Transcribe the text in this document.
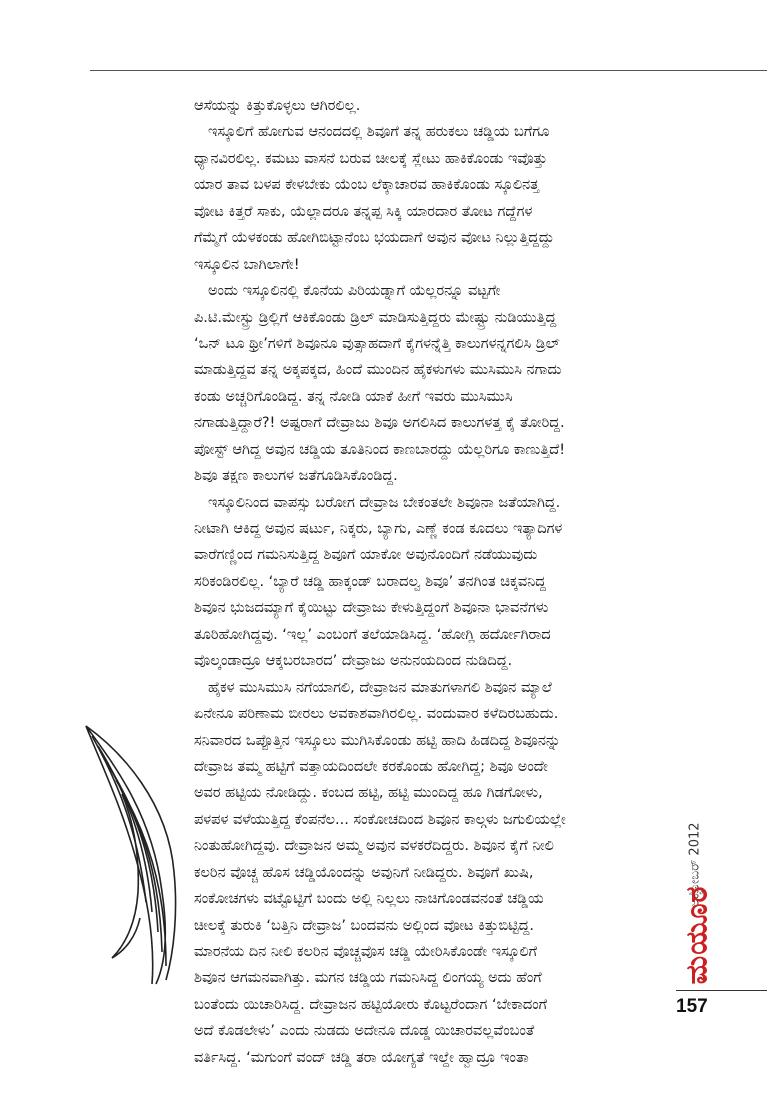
ಆಸೆಯನ್ನು ಕಿತ್ತುಕೊಳ್ಳಲು ಆಗಿರಲಿಲ್ಲ.
ಇಸ್ಕೂಲಿಗೆ ಹೋಗುವ ಆನಂದದಲ್ಲಿ ಶಿವೂಗೆ ತನ್ನ ಹರುಕಲು ಚಡ್ಡಿಯ ಬಗೆಗೂ
ಧ್ಯಾನವಿರಲಿಲ್ಲ. ಕಮಟು ವಾಸನೆ ಬರುವ ಚೀಲಕ್ಕೆ ಸ್ಲೇಟು ಹಾಕಿಕೊಂಡು ಇವೊತ್ತು
ಯಾರ ತಾವ ಬಳಪ ಕೇಳಬೇಕು ಯೆಂಬ ಲೆಕ್ಕಾಚಾರವ ಹಾಕಿಕೊಂಡು ಸ್ಕೂಲಿನತ್ತ
ವೋಟ ಕಿತ್ತರೆ ಸಾಕು, ಯೆಲ್ಲಾದರೂ ತನ್ನಪ್ಪ ಸಿಕ್ಕಿ ಯಾರದಾರ ತೋಟ ಗದ್ದೆಗಳ
ಗೆಮ್ಮೆಗೆ ಯೆಳಕಂಡು ಹೋಗಿಬಿಟ್ಟಾನೆಂಬ ಭಯದಾಗೆ ಅವುನ ವೋಟ ನಿಲ್ಲುತ್ತಿದ್ದದ್ದು
ಇಸ್ಕೂಲಿನ ಬಾಗಿಲಾಗೇ!
ಅಂದು ಇಸ್ಕೂಲಿನಲ್ಲಿ ಕೊನೆಯ ಪಿರಿಯಡ್ನಾಗೆ ಯೆಲ್ಲರನ್ನೂ ವಟ್ಟಗೇ
ಪಿ.ಟಿ.ಮೇಸ್ಟ್ರು ಡ್ರಿಲ್ಲಿಗೆ ಆಕಿಕೊಂಡು ಡ್ರಿಲ್ ಮಾಡಿಸುತ್ತಿದ್ದರು ಮೇಷ್ಟ್ರು ನುಡಿಯುತ್ತಿದ್ದ
‘ಒನ್ ಟೂ ಥ್ರೀ’ಗಳಿಗೆ ಶಿವೂನೂ ವುತ್ಸಾಹದಾಗೆ ಕೈಗಳನ್ನೆತ್ತಿ ಕಾಲುಗಳನ್ನಗಲಿಸಿ ಡ್ರಿಲ್
ಮಾಡುತ್ತಿದ್ದವ ತನ್ನ ಅಕ್ಕಪಕ್ಕದ, ಹಿಂದೆ ಮುಂದಿನ ಹೈಕಳುಗಳು ಮುಸಿಮುಸಿ ನಗಾದು
ಕಂಡು ಅಚ್ಚರಿಗೊಂಡಿದ್ದ. ತನ್ನ ನೋಡಿ ಯಾಕೆ ಹೀಗೆ ಇವರು ಮುಸಿಮುಸಿ
ನಗಾಡುತ್ತಿದ್ದಾರೆ?! ಅಷ್ಟರಾಗೆ ದೇವ್ರಾಜು ಶಿವೂ ಅಗಲಿಸಿದ ಕಾಲುಗಳತ್ತ ಕೈ ತೋರಿದ್ದ.
ಪೋಸ್ಟ್ ಆಗಿದ್ದ ಅವುನ ಚಡ್ಡಿಯ ತೂತಿನಿಂದ ಕಾಣಬಾರದ್ದು ಯೆಲ್ಲರಿಗೂ ಕಾಣುತ್ತಿದೆ!
ಶಿವೂ ತಕ್ಷಣ ಕಾಲುಗಳ ಜತೆಗೂಡಿಸಿಕೊಂಡಿದ್ದ.
ಇಸ್ಕೂಲಿನಿಂದ ವಾಪಸ್ಸು ಬರೋಗ ದೇವ್ರಾಜ ಬೇಕಂತಲೇ ಶಿವೂನಾ ಜತೆಯಾಗಿದ್ದ.
ನೀಟಾಗಿ ಆಕಿದ್ದ ಅವುನ ಷರ್ಟು, ನಿಕ್ಕರು, ಬ್ಯಾಗು, ಎಣ್ಣೆ ಕಂಡ ಕೂದಲು ಇತ್ಯಾದಿಗಳ
ವಾರೆಗಣ್ಣಿಂದ ಗಮನಿಸುತ್ತಿದ್ದ ಶಿವೂಗೆ ಯಾಕೋ ಅವುನೊಂದಿಗೆ ನಡೆಯುವುದು
ಸರಿಕಂಡಿರಲಿಲ್ಲ. ‘ಬ್ಯಾರೆ ಚಡ್ಡಿ ಹಾಕ್ಕಂಡ್ ಬರಾದಲ್ವ ಶಿವೂ’ ತನಗಿಂತ ಚಿಕ್ಕವನಿದ್ದ
ಶಿವೂನ ಭುಜದಮ್ಯಾಗೆ ಕೈಯಿಟ್ಟು ದೇವ್ರಾಜು ಕೇಳುತ್ತಿದ್ದಂಗೆ ಶಿವೂನಾ ಭಾವನೆಗಳು
ತೂರಿಹೋಗಿದ್ದವು. ‘ಇಲ್ಲ’ ಎಂಬಂಗೆ ತಲೆಯಾಡಿಸಿದ್ದ. ‘ಹೋಗ್ಲಿ ಹರ್ದೋಗಿರಾದ
ವೊಲ್ಕಂಡಾದ್ರೂ ಆಕ್ಕಬರಬಾರದ’ ದೇವ್ರಾಜು ಅನುನಯದಿಂದ ನುಡಿದಿದ್ದ.
ಹೈಕಳ ಮುಸಿಮುಸಿ ನಗೆಯಾಗಲಿ, ದೇವ್ರಾಜನ ಮಾತುಗಳಾಗಲಿ ಶಿವೂನ ಮ್ಯಾಲೆ
ಏನೇನೂ ಪರಿಣಾಮ ಬೀರಲು ಅವಕಾಶವಾಗಿರಲಿಲ್ಲ. ವಂದುವಾರ ಕಳೆದಿರಬಹುದು.
ಸನಿವಾರದ ಒಪ್ಪೊತ್ತಿನ ಇಸ್ಕೂಲು ಮುಗಿಸಿಕೊಂಡು ಹಟ್ಟಿ ಹಾದಿ ಹಿಡದಿದ್ದ ಶಿವೂನನ್ನು
ದೇವ್ರಾಜ ತಮ್ಮ ಹಟ್ಟಿಗೆ ವತ್ತಾಯದಿಂದಲೇ ಕರಕೊಂಡು ಹೋಗಿದ್ದ; ಶಿವೂ ಅಂದೇ
ಅವರ ಹಟ್ಟಿಯ ನೋಡಿದ್ದು. ಕಂಬದ ಹಟ್ಟಿ, ಹಟ್ಟಿ ಮುಂದಿದ್ದ ಹೂ ಗಿಡಗೋಳು,
ಪಳಪಳ ವಳೆಯುತ್ತಿದ್ದ ಕೆಂಪನೆಲ... ಸಂಕೋಚದಿಂದ ಶಿವೂನ ಕಾಲ್ಗಳು ಜಗುಲಿಯಲ್ಲೇ
ನಿಂತುಹೋಗಿದ್ದವು. ದೇವ್ರಾಜನ ಅಮ್ಮ ಅವುನ ವಳಕರೆದಿದ್ದರು. ಶಿವೂನ ಕೈಗೆ ನೀಲಿ
ಕಲರಿನ ವೊಚ್ಚ ಹೊಸ ಚಡ್ಡಿಯೊಂದನ್ನು ಅವುನಿಗೆ ನೀಡಿದ್ದರು. ಶಿವೂಗೆ ಖುಷಿ,
ಸಂಕೋಚಗಳು ವಟ್ಟೊಟ್ಟಿಗೆ ಬಂದು ಅಲ್ಲಿ ನಿಲ್ಲಲು ನಾಚಿಗೊಂಡವನಂತೆ ಚಡ್ಡಿಯ
ಚೀಲಕ್ಕೆ ತುರುಕಿ ‘ಬತ್ತಿನಿ ದೇವ್ರಾಜ’ ಬಂದವನು ಅಲ್ಲಿಂದ ವೋಟ ಕಿತ್ತುಬಿಟ್ಟಿದ್ದ.
ಮಾರನೆಯ ದಿನ ನೀಲಿ ಕಲರಿನ ವೊಚ್ಚವೊಸ ಚಡ್ಡಿ ಯೇರಿಸಿಕೊಂಡೇ ಇಸ್ಕೂಲಿಗೆ
ಶಿವೂನ ಆಗಮನವಾಗಿತ್ತು. ಮಗನ ಚಡ್ಡಿಯ ಗಮನಿಸಿದ್ದ ಲಿಂಗಯ್ಯ ಅದು ಹೆಂಗೆ
ಬಂತೆಂದು ಯಿಚಾರಿಸಿದ್ದ. ದೇವ್ರಾಜನ ಹಟ್ಟಿಯೋರು ಕೊಟ್ಟರೆಂದಾಗ ‘ಬೇಕಾದಂಗೆ
ಅದೆ ಕೊಡಲೇಳು’ ಎಂದು ನುಡದು ಅದೇನೂ ದೊಡ್ಡ ಯಿಚಾರವಲ್ಲವೆಂಬಂತೆ
ವರ್ತಿಸಿದ್ದ. ‘ಮಗುಂಗೆ ವಂದ್ ಚಡ್ಡಿ ತರಾ ಯೋಗ್ಯತೆ ಇಲ್ದೇ ಹ್ವಾದ್ರೂ ಇಂತಾ
ಅಕ್ಟೋಬರ್ 2012
ಮಯೂರ
157
